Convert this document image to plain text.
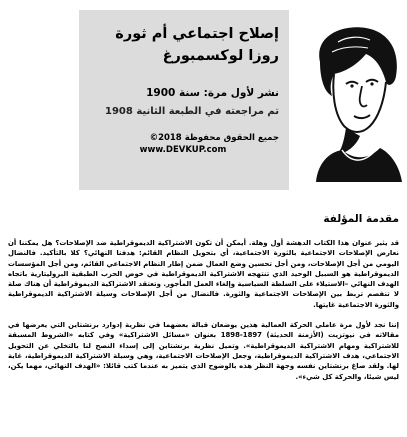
إصلاح اجتماعي أم ثورة
روزا لوكسمبورغ
نشر لأول مرة: سنة 1900
تم مراجعته في الطبعة الثانية 1908
جميع الحقوق محفوظة 2018©
www.DEVKUP.com
مقدمة المؤلفة

قد يثير عنوان هذا الكتاب الدهشة أول وهلة. أيمكن أن تكون الاشتراكية الديموقراطية ضد الإصلاحات؟ هل يمكننا أن نعارض الإصلاحات الاجتماعية بالثورة الاجتماعية، أي بتحويل النظام القائم: هدفنا النهائي؟ كلا بالتأكيد. فالنضال اليومي من أجل الإصلاحات، ومن أجل تحسين وضع العمال ضمن إطار النظام الاجتماعي القائم، ومن أجل المؤسسات الديموقراطية هو السبيل الوحيد الذي تنتهجه الاشتراكية الديموقراطية في خوض الحرب الطبقية البروليتارية باتجاه الهدف النهائي –الاستيلاء على السلطة السياسية وإلغاء العمل المأجور. وتعتقد الاشتراكية الديموقراطية أن هناك صلة لا تنفصم تربط بين الإصلاحات الاجتماعية والثورة. فالنضال من أجل الإصلاحات وسيلة الاشتراكية الديموقراطية والثورة الاجتماعية غايتها.

إننا نجد لأول مرة عاملي الحركة العمالية هذين يوضعان قبالة بعضهما في نظرية إدوارد برنشتاين التي يعرضها في مقالاته في نيوتزيت (الأزمنة الحديثة) 1897-1898 بعنوان «مسائل الاشتراكية» وفي كتابه «الشروط المسبقة للاشتراكية ومهام الاشتراكية الديموقراطية». وتميل نظرية برنشتاين إلى إسداء النصح لنا بالتخلي عن التحويل الاجتماعي، هدف الاشتراكية الديموقراطية، وجعل الإصلاحات الاجتماعية، وهي وسيلة الاشتراكية الديموقراطية، غاية لها. ولقد صاغ برنشتاين نفسه وجهة النظر هذه بالوضوح الذي يتميز به عندما كتب قائلا: «الهدف النهائي، مهما يكن، ليس شيئا، والحركة كل شيء».
